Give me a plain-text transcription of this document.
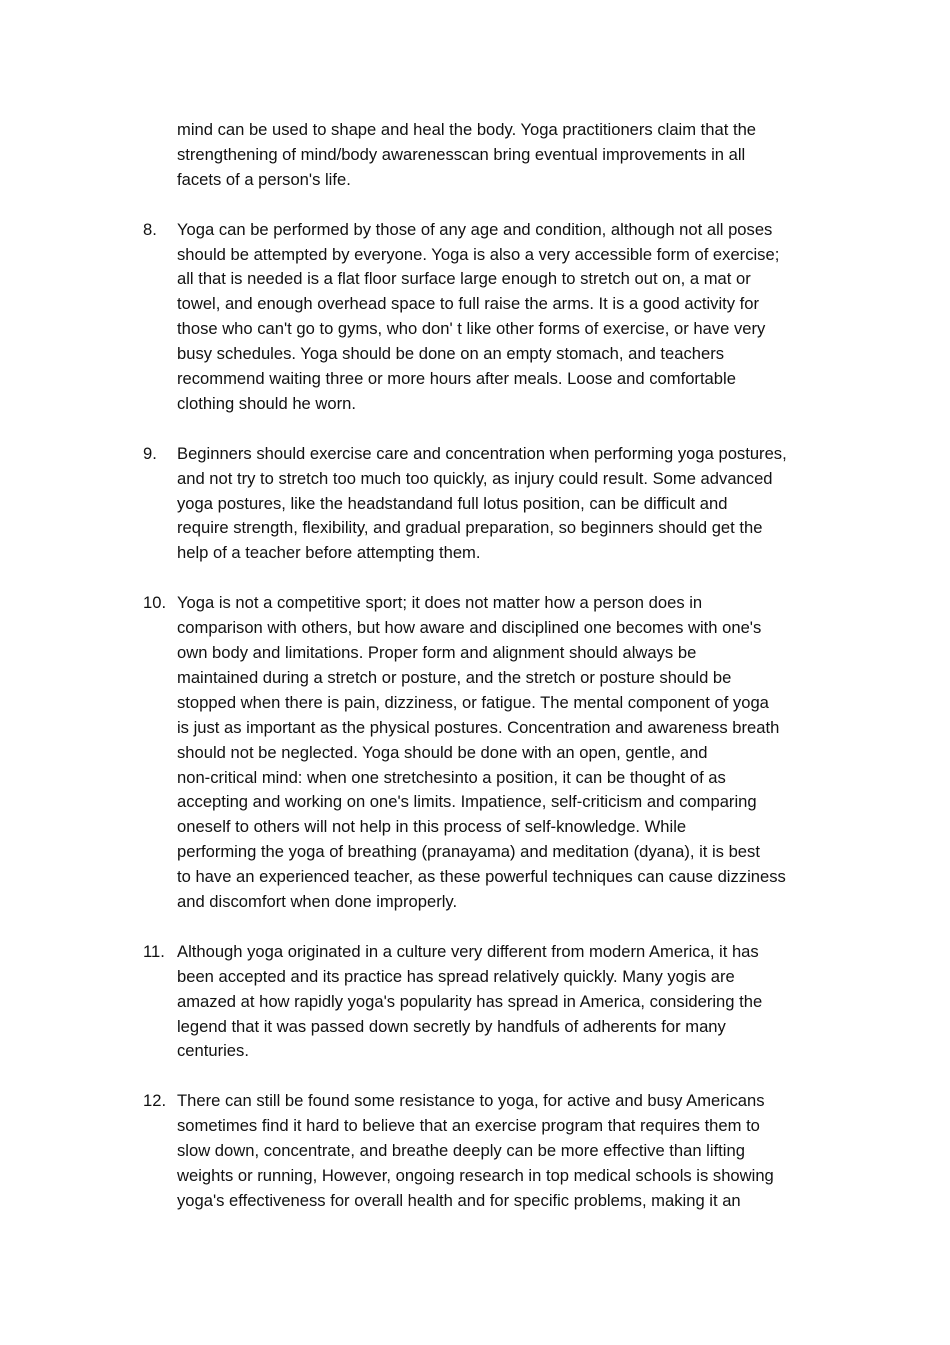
mind can be used to shape and heal the body. Yoga practitioners claim that the
strengthening of mind/body awarenesscan bring eventual improvements in all
facets of a person's life.
8.	Yoga can be performed by those of any age and condition, although not all poses
should be attempted by everyone. Yoga is also a very accessible form of exercise;
all that is needed is a flat floor surface large enough to stretch out on, a mat or
towel, and enough overhead space to full raise the arms. It is a good activity for
those who can't go to gyms, who don' t like other forms of exercise, or have very
busy schedules. Yoga should be done on an empty stomach, and teachers
recommend waiting three or more hours after meals. Loose and comfortable
clothing should he worn.
9.	Beginners should exercise care and concentration when performing yoga postures,
and not try to stretch too much too quickly, as injury could result. Some advanced
yoga postures, like the headstandand full lotus position, can be difficult and
require strength, flexibility, and gradual preparation, so beginners should get the
help of a teacher before attempting them.
10. Yoga is not a competitive sport; it does not matter how a person does in
comparison with others, but how aware and disciplined one becomes with one's
own body and limitations. Proper form and alignment should always be
maintained during a stretch or posture, and the stretch or posture should be
stopped when there is pain, dizziness, or fatigue. The mental component of yoga
is just as important as the physical postures. Concentration and awareness breath
should not be neglected. Yoga should be done with an open, gentle, and
non-critical mind: when one stretchesinto a position, it can be thought of as
accepting and working on one's limits. Impatience, self-criticism and comparing
oneself to others will not help in this process of self-knowledge. While
performing the yoga of breathing (pranayama) and meditation (dyana), it is best
to have an experienced teacher, as these powerful techniques can cause dizziness
and discomfort when done improperly.
11. Although yoga originated in a culture very different from modern America, it has
been accepted and its practice has spread relatively quickly. Many yogis are
amazed at how rapidly yoga's popularity has spread in America, considering the
legend that it was passed down secretly by handfuls of adherents for many
centuries.
12. There can still be found some resistance to yoga, for active and busy Americans
sometimes find it hard to believe that an exercise program that requires them to
slow down, concentrate, and breathe deeply can be more effective than lifting
weights or running, However, ongoing research in top medical schools is showing
yoga's effectiveness for overall health and for specific problems, making it an
